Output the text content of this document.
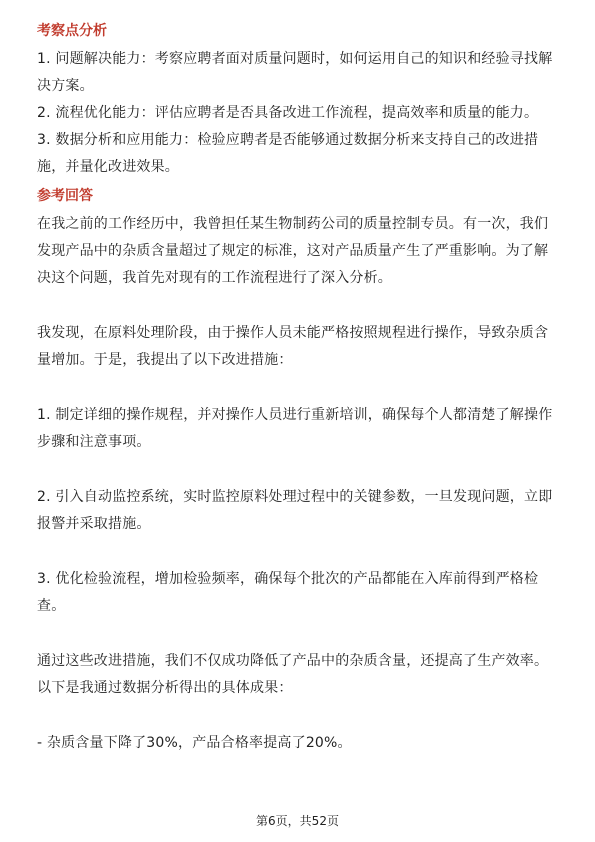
考察点分析

1. 问题解决能力：考察应聘者面对质量问题时，如何运用自己的知识和经验寻找解决方案。

2. 流程优化能力：评估应聘者是否具备改进工作流程，提高效率和质量的能力。

3. 数据分析和应用能力：检验应聘者是否能够通过数据分析来支持自己的改进措施，并量化改进效果。

参考回答

在我之前的工作经历中，我曾担任某生物制药公司的质量控制专员。有一次，我们发现产品中的杂质含量超过了规定的标准，这对产品质量产生了严重影响。为了解决这个问题，我首先对现有的工作流程进行了深入分析。

我发现，在原料处理阶段，由于操作人员未能严格按照规程进行操作，导致杂质含量增加。于是，我提出了以下改进措施：

1. 制定详细的操作规程，并对操作人员进行重新培训，确保每个人都清楚了解操作步骤和注意事项。

2. 引入自动监控系统，实时监控原料处理过程中的关键参数，一旦发现问题，立即报警并采取措施。

3. 优化检验流程，增加检验频率，确保每个批次的产品都能在入库前得到严格检查。

通过这些改进措施，我们不仅成功降低了产品中的杂质含量，还提高了生产效率。以下是我通过数据分析得出的具体成果：

- 杂质含量下降了30%，产品合格率提高了20%。

第6页，共52页
